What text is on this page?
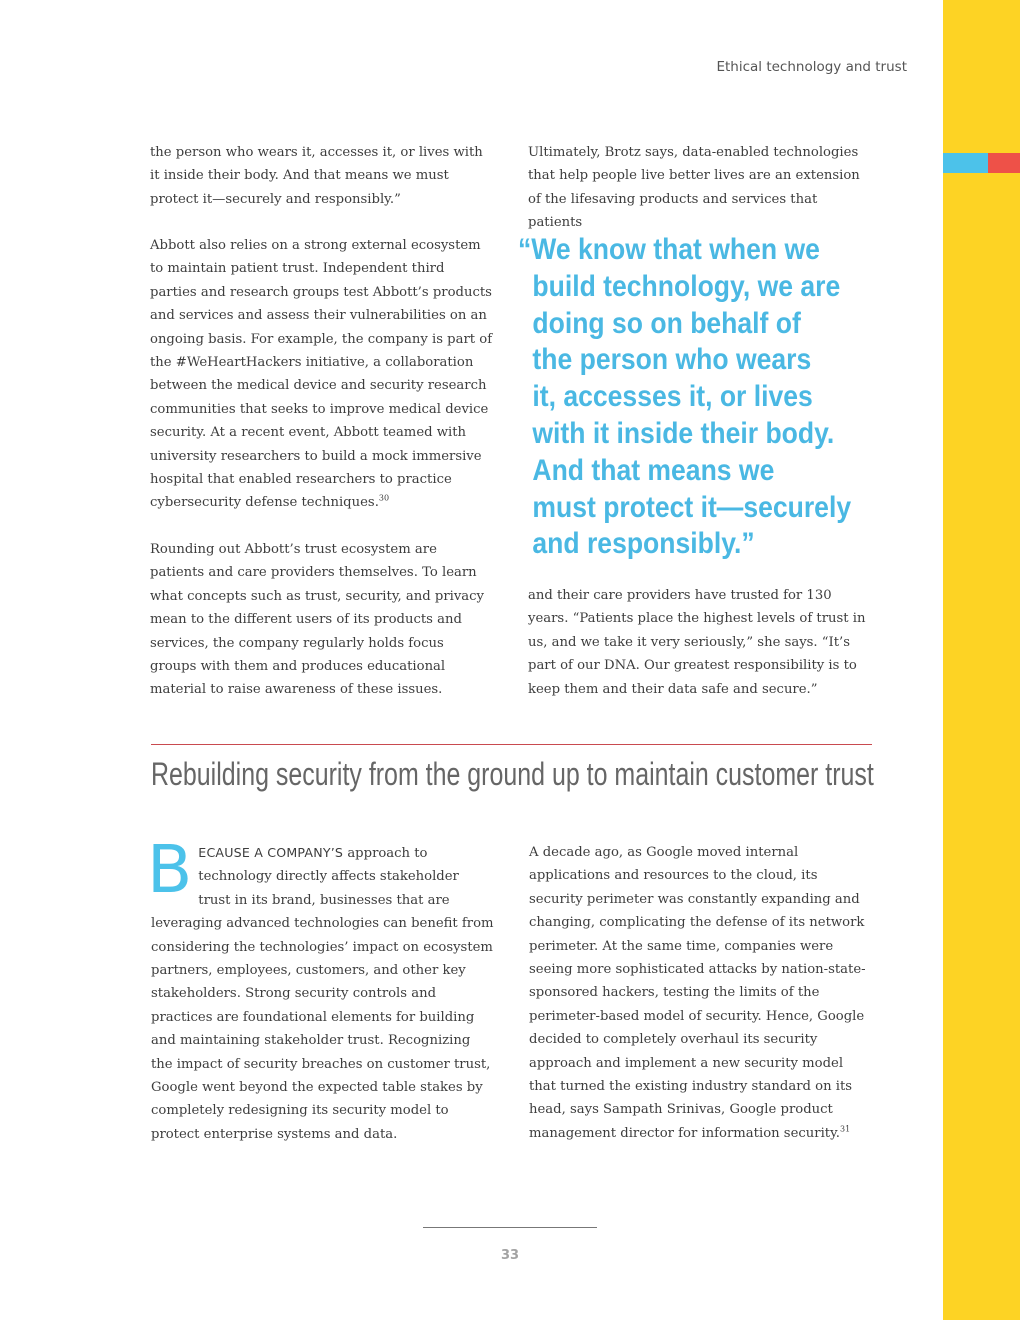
Ethical technology and trust

the person who wears it, accesses it, or lives with it inside their body. And that means we must protect it—securely and responsibly.”

Abbott also relies on a strong external ecosystem to maintain patient trust. Independent third parties and research groups test Abbott’s products and services and assess their vulnerabilities on an ongoing basis. For example, the company is part of the #WeHeartHackers initiative, a collaboration between the medical device and security research communities that seeks to improve medical device security. At a recent event, Abbott teamed with university researchers to build a mock immersive hospital that enabled researchers to practice cybersecurity defense techniques.$^{30}$

Rounding out Abbott’s trust ecosystem are patients and care providers themselves. To learn what concepts such as trust, security, and privacy mean to the different users of its products and services, the company regularly holds focus groups with them and produces educational material to raise awareness of these issues.

Ultimately, Brotz says, data-enabled technologies that help people live better lives are an extension of the lifesaving products and services that patients

“We know that when we
build technology, we are
doing so on behalf of
the person who wears
it, accesses it, or lives
with it inside their body.
And that means we
must protect it—securely
and responsibly.”

and their care providers have trusted for 130 years. “Patients place the highest levels of trust in us, and we take it very seriously,” she says. “It’s part of our DNA. Our greatest responsibility is to keep them and their data safe and secure.”

Rebuilding security from the ground up to maintain customer trust

BECAUSE A COMPANY’S approach to technology directly affects stakeholder trust in its brand, businesses that are leveraging advanced technologies can benefit from considering the technologies’ impact on ecosystem partners, employees, customers, and other key stakeholders. Strong security controls and practices are foundational elements for building and maintaining stakeholder trust. Recognizing the impact of security breaches on customer trust, Google went beyond the expected table stakes by completely redesigning its security model to protect enterprise systems and data.

A decade ago, as Google moved internal applications and resources to the cloud, its security perimeter was constantly expanding and changing, complicating the defense of its network perimeter. At the same time, companies were seeing more sophisticated attacks by nation-state-sponsored hackers, testing the limits of the perimeter-based model of security. Hence, Google decided to completely overhaul its security approach and implement a new security model that turned the existing industry standard on its head, says Sampath Srinivas, Google product management director for information security.$^{31}$

33
